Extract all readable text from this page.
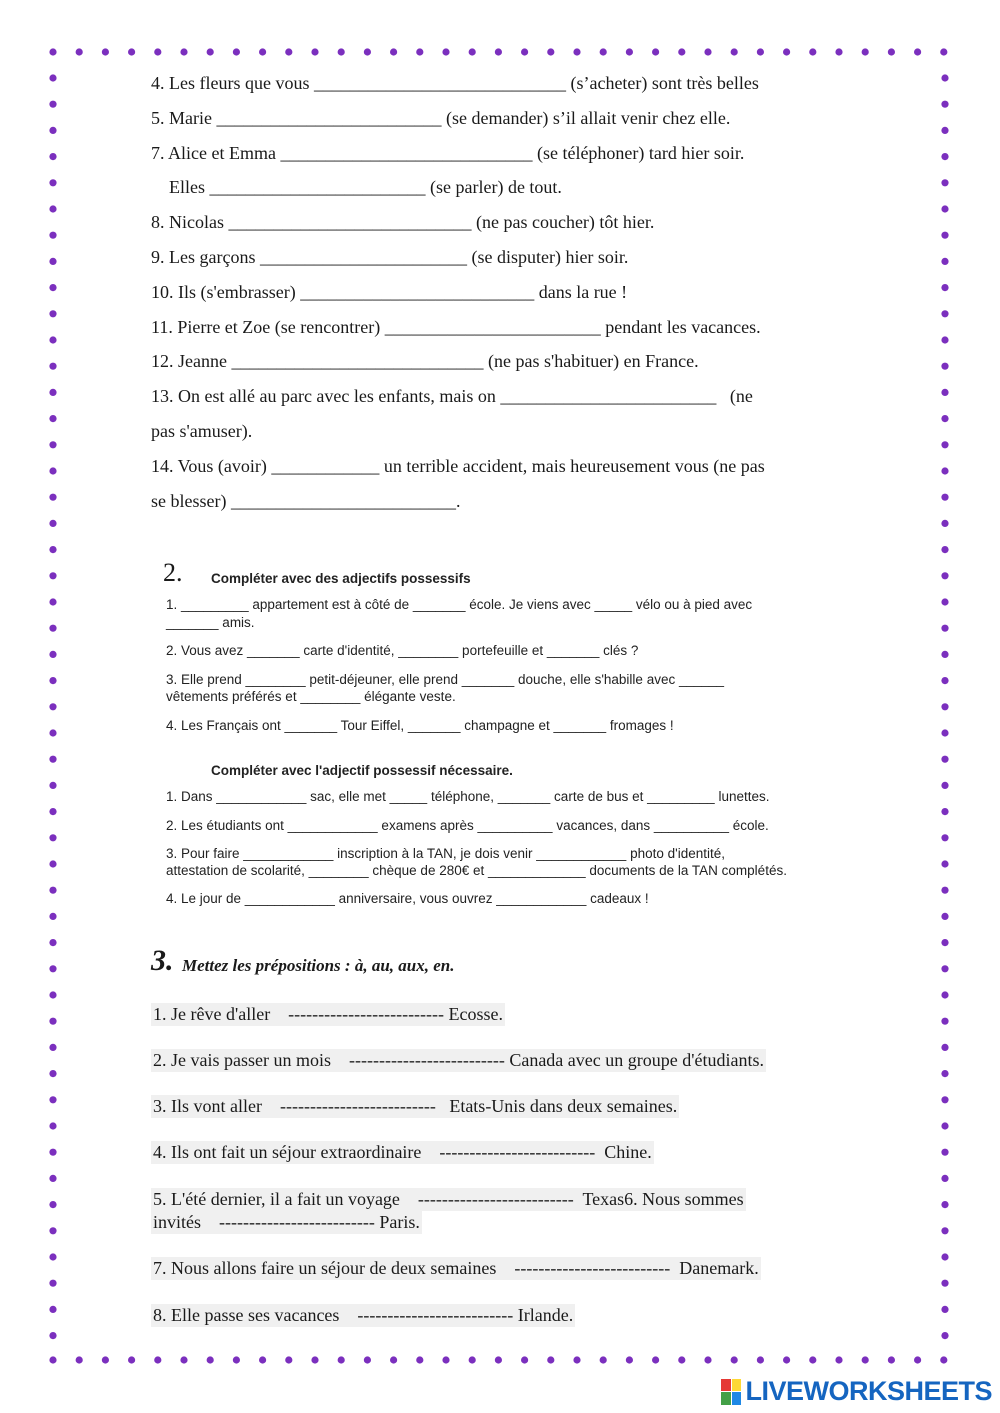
4. Les fleurs que vous ____________________________ (s’acheter) sont très belles
5. Marie _________________________ (se demander) s’il allait venir chez elle.
7. Alice et Emma ____________________________ (se téléphoner) tard hier soir.
Elles ________________________ (se parler) de tout.
8. Nicolas ___________________________ (ne pas coucher) tôt hier.
9. Les garçons _______________________ (se disputer) hier soir.
10. Ils (s'embrasser) __________________________ dans la rue !
11. Pierre et Zoe (se rencontrer) ________________________ pendant les vacances.
12. Jeanne ____________________________ (ne pas s'habituer) en France.
13. On est allé au parc avec les enfants, mais on ________________________   (ne
pas s'amuser).
14. Vous (avoir) ____________ un terrible accident, mais heureusement vous (ne pas
se blesser) _________________________.
2. Compléter avec des adjectifs possessifs
1. _________ appartement est à côté de _______ école. Je viens avec _____ vélo ou à pied avec
_______ amis.
2. Vous avez _______ carte d'identité, ________ portefeuille et _______ clés ?
3. Elle prend ________ petit-déjeuner, elle prend _______ douche, elle s'habille avec ______
vêtements préférés et ________ élégante veste.
4. Les Français ont _______ Tour Eiffel, _______ champagne et _______ fromages !
Compléter avec l'adjectif possessif nécessaire.
1. Dans ____________ sac, elle met _____ téléphone, _______ carte de bus et _________ lunettes.
2. Les étudiants ont ____________ examens après __________ vacances, dans __________ école.
3. Pour faire ____________ inscription à la TAN, je dois venir ____________ photo d'identité,
attestation de scolarité, ________ chèque de 280€ et _____________ documents de la TAN complétés.
4. Le jour de ____________ anniversaire, vous ouvrez ____________ cadeaux !
3. Mettez les prépositions : à, au, aux, en.
1. Je rêve d'aller    -------------------------- Ecosse.
2. Je vais passer un mois    -------------------------- Canada avec un groupe d'étudiants.
3. Ils vont aller    --------------------------   Etats-Unis dans deux semaines.
4. Ils ont fait un séjour extraordinaire    --------------------------  Chine.
5. L'été dernier, il a fait un voyage    --------------------------  Texas6. Nous sommes
invités    -------------------------- Paris.
7. Nous allons faire un séjour de deux semaines    --------------------------  Danemark.
8. Elle passe ses vacances    -------------------------- Irlande.
LIVEWORKSHEETS
